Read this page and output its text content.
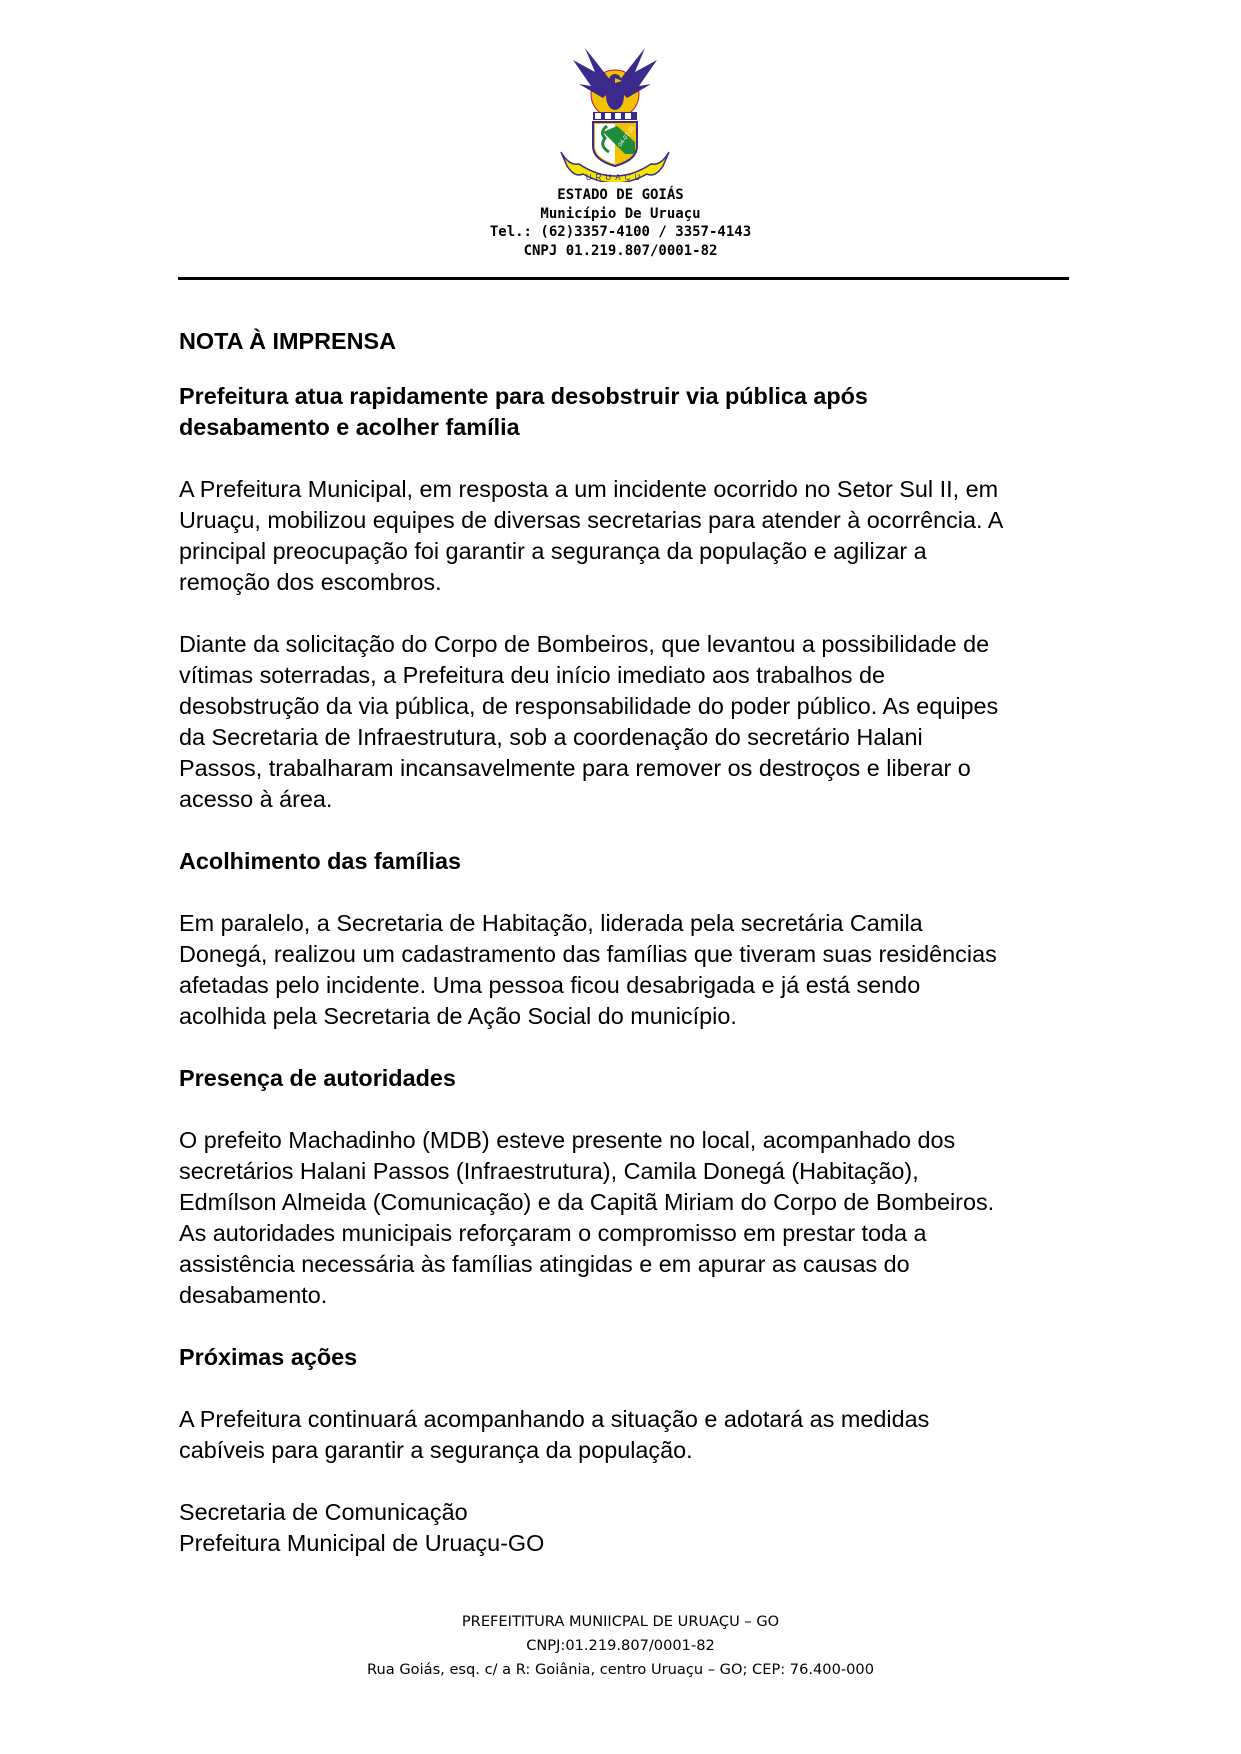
04-07-31
URUAÇU
ESTADO DE GOIÁS
Município De Uruaçu
Tel.: (62)3357-4100 / 3357-4143
CNPJ 01.219.807/0001-82

NOTA À IMPRENSA

Prefeitura atua rapidamente para desobstruir via pública após

desabamento e acolher família

A Prefeitura Municipal, em resposta a um incidente ocorrido no Setor Sul II, em

Uruaçu, mobilizou equipes de diversas secretarias para atender à ocorrência. A

principal preocupação foi garantir a segurança da população e agilizar a

remoção dos escombros.

Diante da solicitação do Corpo de Bombeiros, que levantou a possibilidade de

vítimas soterradas, a Prefeitura deu início imediato aos trabalhos de

desobstrução da via pública, de responsabilidade do poder público. As equipes

da Secretaria de Infraestrutura, sob a coordenação do secretário Halani

Passos, trabalharam incansavelmente para remover os destroços e liberar o

acesso à área.

Acolhimento das famílias

Em paralelo, a Secretaria de Habitação, liderada pela secretária Camila

Donegá, realizou um cadastramento das famílias que tiveram suas residências

afetadas pelo incidente. Uma pessoa ficou desabrigada e já está sendo

acolhida pela Secretaria de Ação Social do município.

Presença de autoridades

O prefeito Machadinho (MDB) esteve presente no local, acompanhado dos

secretários Halani Passos (Infraestrutura), Camila Donegá (Habitação),

Edmílson Almeida (Comunicação) e da Capitã Miriam do Corpo de Bombeiros.

As autoridades municipais reforçaram o compromisso em prestar toda a

assistência necessária às famílias atingidas e em apurar as causas do

desabamento.

Próximas ações

A Prefeitura continuará acompanhando a situação e adotará as medidas

cabíveis para garantir a segurança da população.

Secretaria de Comunicação

Prefeitura Municipal de Uruaçu-GO

PREFEITITURA MUNIICPAL DE URUAÇU – GO
CNPJ:01.219.807/0001-82
Rua Goiás, esq. c/ a R: Goiânia, centro Uruaçu – GO; CEP: 76.400-000
